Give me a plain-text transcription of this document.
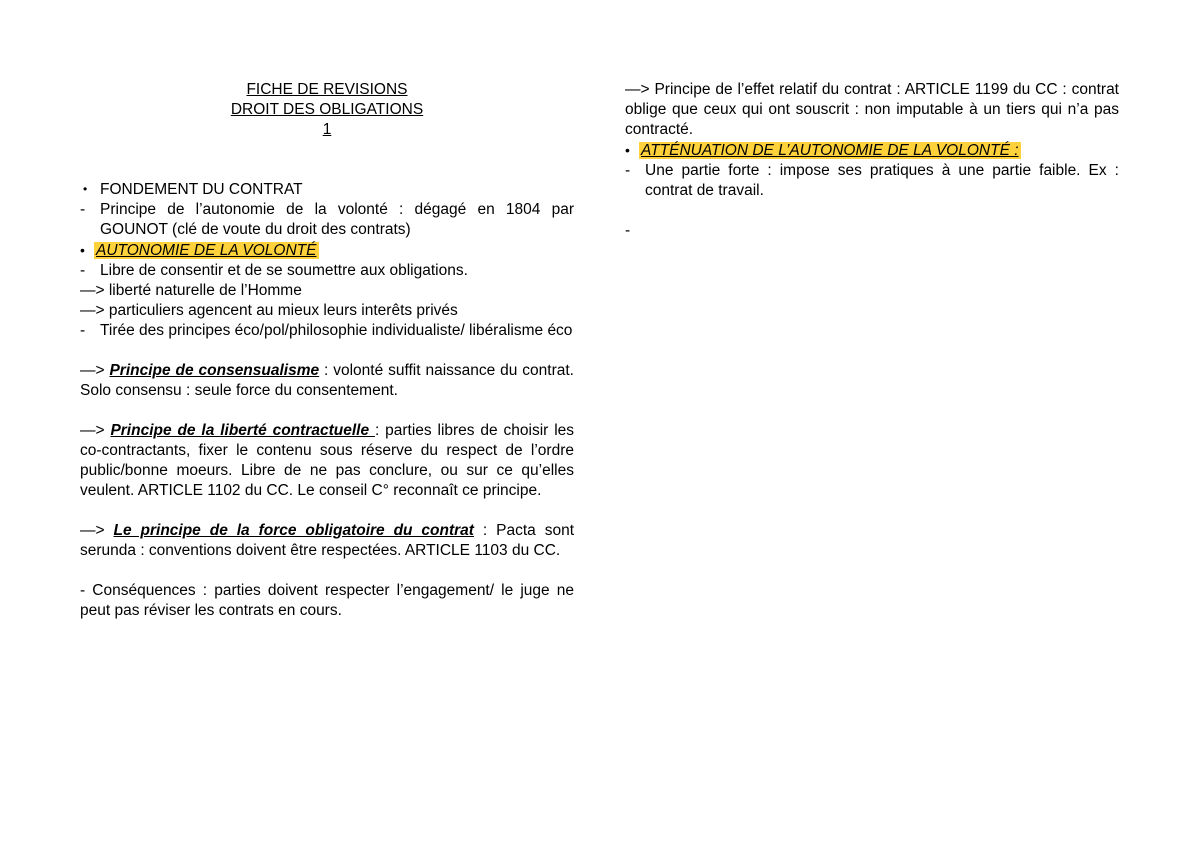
FICHE DE REVISIONS
DROIT DES OBLIGATIONS
1

• FONDEMENT DU CONTRAT

- Principe de l’autonomie de la volonté : dégagé en 1804 par GOUNOT (clé de voute du droit des contrats)

• AUTONOMIE DE LA VOLONTÉ

- Libre de consentir et de se soumettre aux obligations.

—> liberté naturelle de l’Homme

—> particuliers agencent au mieux leurs interêts privés

- Tirée des principes éco/pol/philosophie individualiste/ libéralisme éco

—> Principe de consensualisme : volonté suffit naissance du contrat. Solo consensu : seule force du consentement.

—> Principe de la liberté contractuelle : parties libres de choisir les co-contractants, fixer le contenu sous réserve du respect de l’ordre public/bonne moeurs. Libre de ne pas conclure, ou sur ce qu’elles veulent. ARTICLE 1102 du CC. Le conseil C° reconnaît ce principe.

—> Le principe de la force obligatoire du contrat : Pacta sont serunda : conventions doivent être respectées. ARTICLE 1103 du CC.

- Conséquences : parties doivent respecter l’engagement/ le juge ne peut pas réviser les contrats en cours.

—> Principe de l’effet relatif du contrat : ARTICLE 1199 du CC : contrat oblige que ceux qui ont souscrit : non imputable à un tiers qui n’a pas contracté.

• ATTÉNUATION DE L’AUTONOMIE DE LA VOLONTÉ :

- Une partie forte : impose ses pratiques à une partie faible. Ex : contrat de travail.

-
